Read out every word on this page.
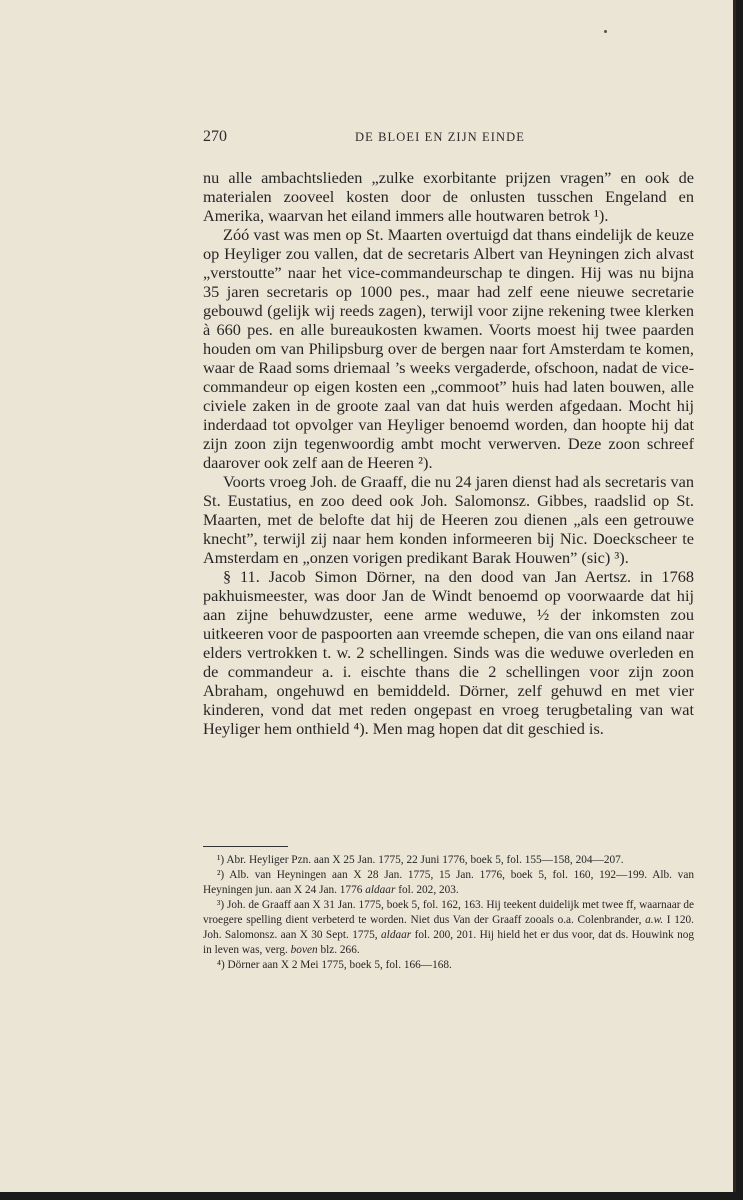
270	DE BLOEI EN ZIJN EINDE

nu alle ambachtslieden „zulke exorbitante prijzen vragen” en ook de materialen zooveel kosten door de onlusten tusschen Engeland en Amerika, waarvan het eiland immers alle houtwaren betrok ¹).

Zóó vast was men op St. Maarten overtuigd dat thans eindelijk de keuze op Heyliger zou vallen, dat de secretaris Albert van Heyningen zich alvast „verstoutte” naar het vice-commandeurschap te dingen. Hij was nu bijna 35 jaren secretaris op 1000 pes., maar had zelf eene nieuwe secretarie gebouwd (gelijk wij reeds zagen), terwijl voor zijne rekening twee klerken à 660 pes. en alle bureaukosten kwamen. Voorts moest hij twee paarden houden om van Philipsburg over de bergen naar fort Amsterdam te komen, waar de Raad soms driemaal ’s weeks vergaderde, ofschoon, nadat de vice-commandeur op eigen kosten een „commoot” huis had laten bouwen, alle civiele zaken in de groote zaal van dat huis werden afgedaan. Mocht hij inderdaad tot opvolger van Heyliger benoemd worden, dan hoopte hij dat zijn zoon zijn tegenwoordig ambt mocht verwerven. Deze zoon schreef daarover ook zelf aan de Heeren ²).

Voorts vroeg Joh. de Graaff, die nu 24 jaren dienst had als secretaris van St. Eustatius, en zoo deed ook Joh. Salomonsz. Gibbes, raadslid op St. Maarten, met de belofte dat hij de Heeren zou dienen „als een getrouwe knecht”, terwijl zij naar hem konden informeeren bij Nic. Doeckscheer te Amsterdam en „onzen vorigen predikant Barak Houwen” (sic) ³).

§ 11. Jacob Simon Dörner, na den dood van Jan Aertsz. in 1768 pakhuismeester, was door Jan de Windt benoemd op voorwaarde dat hij aan zijne behuwdzuster, eene arme weduwe, ½ der inkomsten zou uitkeeren voor de paspoorten aan vreemde schepen, die van ons eiland naar elders vertrokken t. w. 2 schellingen. Sinds was die weduwe overleden en de commandeur a. i. eischte thans die 2 schellingen voor zijn zoon Abraham, ongehuwd en bemiddeld. Dörner, zelf gehuwd en met vier kinderen, vond dat met reden ongepast en vroeg terugbetaling van wat Heyliger hem onthield ⁴). Men mag hopen dat dit geschied is.

¹) Abr. Heyliger Pzn. aan X 25 Jan. 1775, 22 Juni 1776, boek 5, fol. 155—158, 204—207.

²) Alb. van Heyningen aan X 28 Jan. 1775, 15 Jan. 1776, boek 5, fol. 160, 192—199. Alb. van Heyningen jun. aan X 24 Jan. 1776 aldaar fol. 202, 203.

³) Joh. de Graaff aan X 31 Jan. 1775, boek 5, fol. 162, 163. Hij teekent duidelijk met twee ff, waarnaar de vroegere spelling dient verbeterd te worden. Niet dus Van der Graaff zooals o.a. Colenbrander, a.w. I 120. Joh. Salomonsz. aan X 30 Sept. 1775, aldaar fol. 200, 201. Hij hield het er dus voor, dat ds. Houwink nog in leven was, verg. boven blz. 266.

⁴) Dörner aan X 2 Mei 1775, boek 5, fol. 166—168.
